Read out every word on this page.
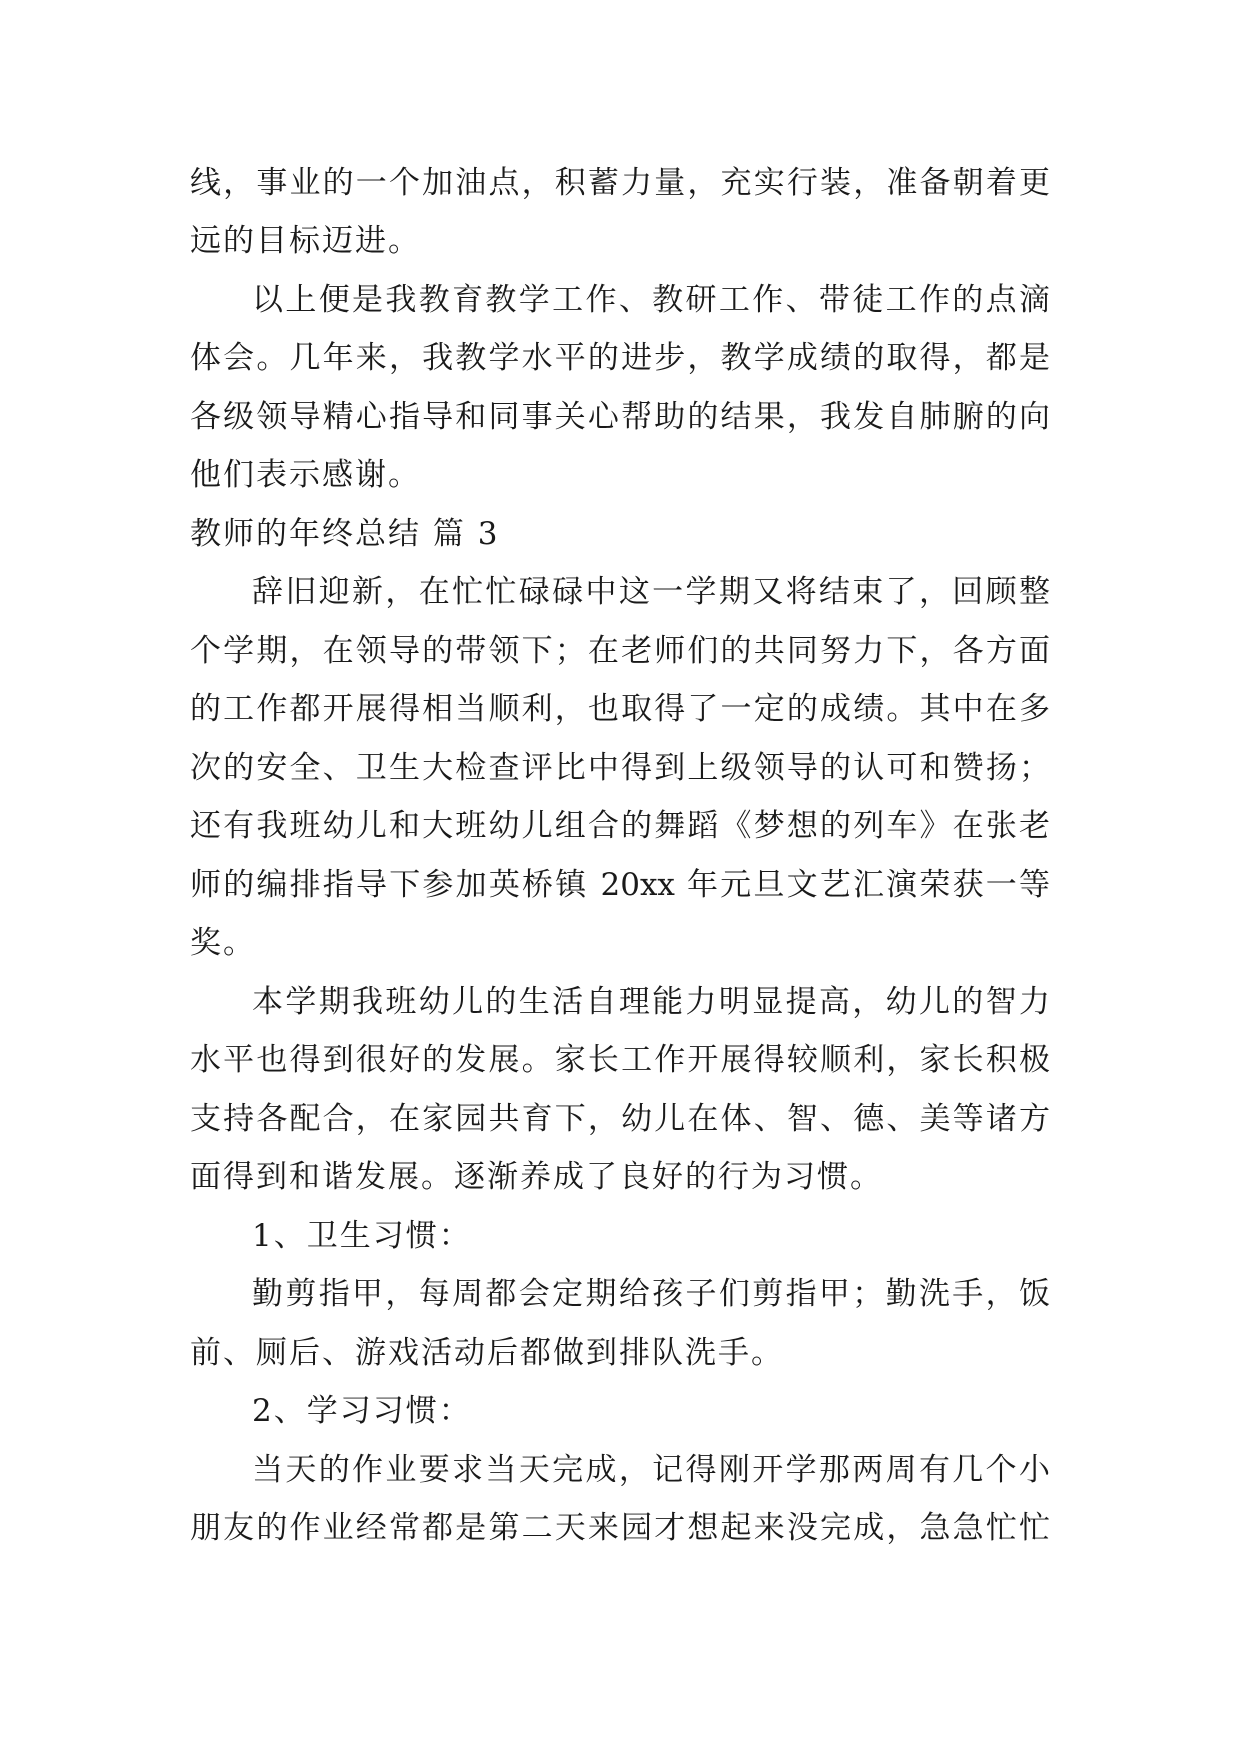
线，事业的一个加油点，积蓄力量，充实行装，准备朝着更
远的目标迈进。
以上便是我教育教学工作、教研工作、带徒工作的点滴
体会。几年来，我教学水平的进步，教学成绩的取得，都是
各级领导精心指导和同事关心帮助的结果，我发自肺腑的向
他们表示感谢。
教师的年终总结 篇 3
辞旧迎新，在忙忙碌碌中这一学期又将结束了，回顾整
个学期，在领导的带领下；在老师们的共同努力下，各方面
的工作都开展得相当顺利，也取得了一定的成绩。其中在多
次的安全、卫生大检查评比中得到上级领导的认可和赞扬；
还有我班幼儿和大班幼儿组合的舞蹈《梦想的列车》在张老
师的编排指导下参加英桥镇 20xx 年元旦文艺汇演荣获一等
奖。
本学期我班幼儿的生活自理能力明显提高，幼儿的智力
水平也得到很好的发展。家长工作开展得较顺利，家长积极
支持各配合，在家园共育下，幼儿在体、智、德、美等诸方
面得到和谐发展。逐渐养成了良好的行为习惯。
1、卫生习惯：
勤剪指甲，每周都会定期给孩子们剪指甲；勤洗手，饭
前、厕后、游戏活动后都做到排队洗手。
2、学习习惯：
当天的作业要求当天完成，记得刚开学那两周有几个小
朋友的作业经常都是第二天来园才想起来没完成，急急忙忙
